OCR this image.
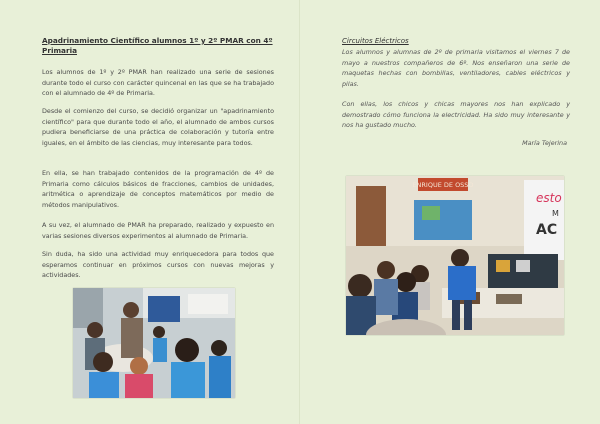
Apadrinamiento Científico alumnos 1º y 2º PMAR con 4º Primaria

Los alumnos de 1º y 2º PMAR han realizado una serie de sesiones durante todo el curso con carácter quincenal en las que se ha trabajado con el alumnado de 4º de Primaria.

Desde el comienzo del curso, se decidió organizar un "apadrinamiento científico" para que durante todo el año, el alumnado de ambos cursos pudiera beneficiarse de una práctica de colaboración y tutoría entre iguales, en el ámbito de las ciencias, muy interesante para todos.

En ella, se han trabajado contenidos de la programación de 4º de Primaria como cálculos básicos de fracciones, cambios de unidades, aritmética o aprendizaje de conceptos matemáticos por medio de métodos manipulativos.

A su vez, el alumnado de PMAR ha preparado, realizado y expuesto en varias sesiones diversos experimentos al alumnado de Primaria.

Sin duda, ha sido una actividad muy enriquecedora para todos que esperamos continuar en próximos cursos con nuevas mejoras y actividades.

Circuitos Eléctricos

Los alumnos y alumnas de 2º de primaria visitamos el viernes 7 de mayo a nuestros compañeros de 6º. Nos enseñaron una serie de maquetas hechas con bombillas, ventiladores, cables eléctricos y pilas.

Con ellas, los chicos y chicas mayores nos han explicado y demostrado cómo funciona la electricidad. Ha sido muy interesante y nos ha gustado mucho.

María Tejerina

ENRIQUE DE OSSO
esto
M
AC
